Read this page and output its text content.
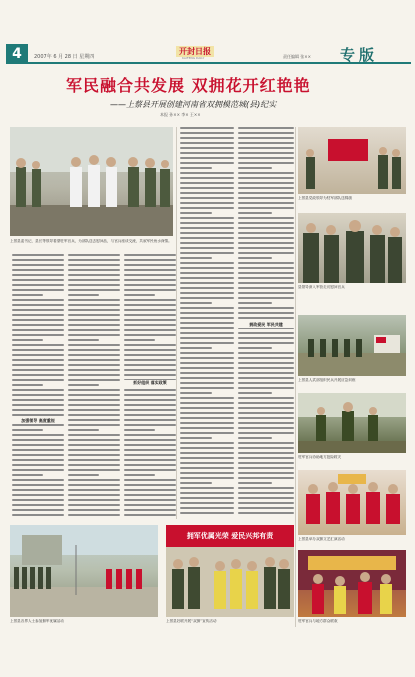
4	2007年 6 月 28 日 星期四
开封日报
KAIFENG DAILY	责任编辑 张×× 专版
军民融合共发展 双拥花开红艳艳
——上蔡县开展创建河南省双拥模范城(县)纪实
本报 孙×× 李× 王××
上蔡县委书记、县长等领导看望驻军官兵，为部队送去慰问品，与官兵座谈交流，共叙军民鱼水深情。
上蔡县党政领导为驻军部队送锦旗
县领导深入军营走访慰问官兵
上蔡县人武部组织民兵开展应急训练
驻军官兵协助地方抢险救灾
上蔡县举办双拥文艺汇演活动
上蔡县各界人士参加拥军优属活动
拥军优属光荣 爱民兴邦有责
上蔡县妇联开展“双拥”宣传活动	驻军官兵与地方群众联欢
加强领导 高度重视
抓好组织 落实政策
拥政爱民 军民共建
